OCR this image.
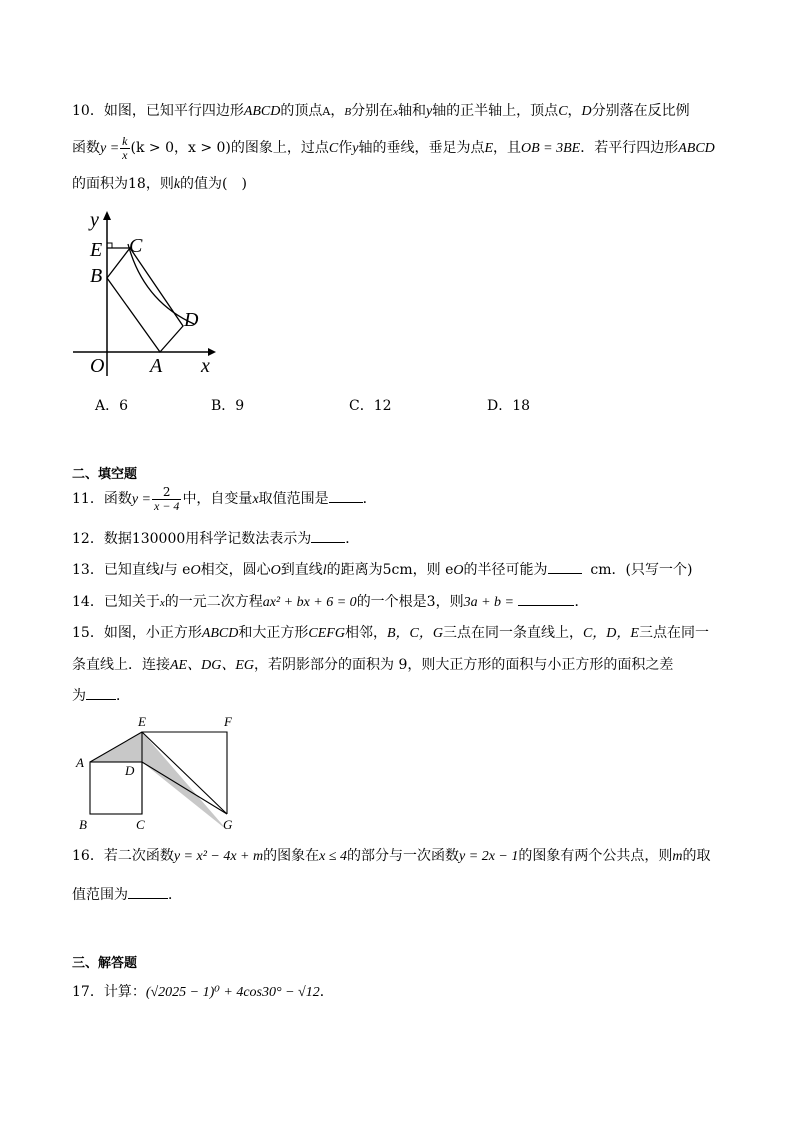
10．如图，已知平行四边形ABCD的顶点A，B分别在x轴和y轴的正半轴上，顶点C，D分别落在反比例
函数$y = \frac{k}{x} (k > 0$，x > 0)的图象上，过点C作y轴的垂线，垂足为点E，且OB = 3BE．若平行四边形ABCD
的面积为18，则k的值为(　)
y
x
E C
B
D
O A
A．6	B．9	C．12	D．18
二、填空题
11．函数$y = \frac{2}{x - 4}$ 中，自变量x取值范围是 ．
12．数据130000用科学记数法表示为 ．
13．已知直线l与 eO相交，圆心O到直线l的距离为5cm，则 eO的半径可能为	cm．(只写一个)
14．已知关于x的一元二次方程ax² + bx + 6 = 0的一个根是3，则3a + b =	．
15．如图，小正方形ABCD和大正方形CEFG相邻，B，C，G三点在同一条直线上，C，D，E三点在同一
条直线上．连接AE、DG、EG，若阴影部分的面积为 9，则大正方形的面积与小正方形的面积之差
为 ．
E	F
A
D
B	C	G
16．若二次函数y = x² − 4x + m的图象在x ≤ 4的部分与一次函数y = 2x − 1的图象有两个公共点，则m的取
值范围为	．
三、解答题
17．计算：(√2025 − 1)⁰ + 4cos30° − √12．
